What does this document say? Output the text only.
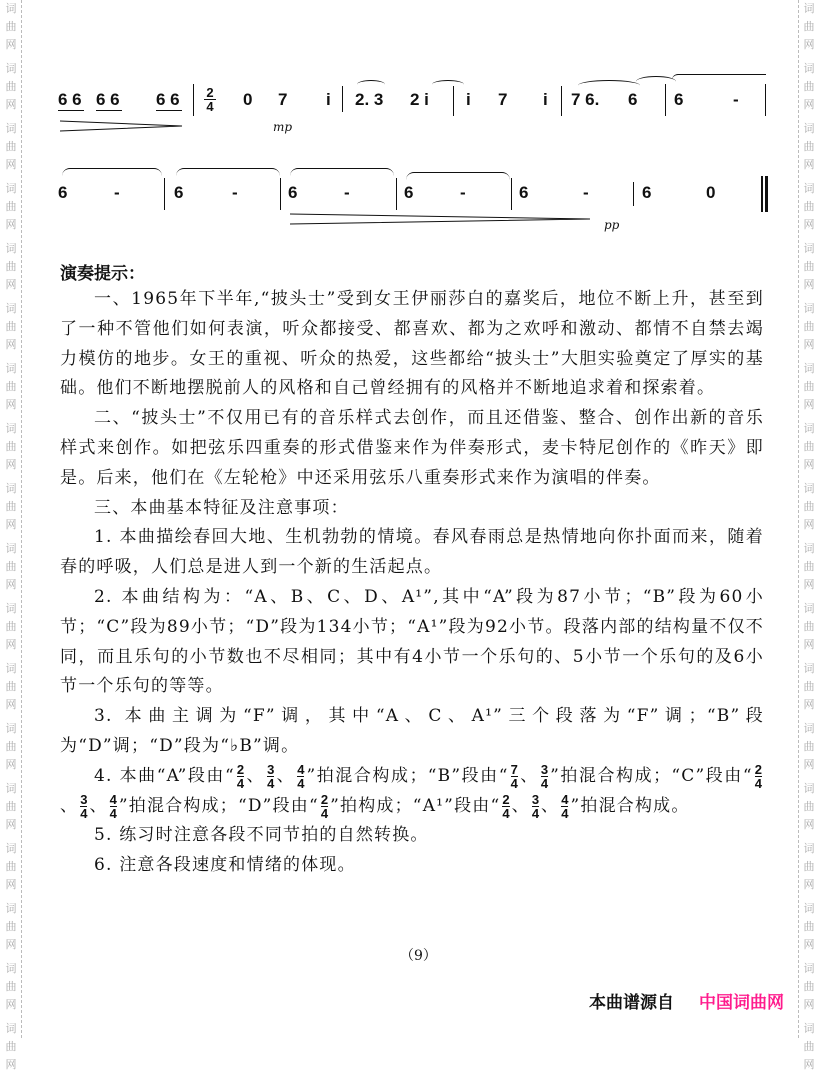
词
曲
网
词
曲
网
词
曲
网
词
曲
网
词
曲
网
词
曲
网
词
曲
网
词
曲
网
词
曲
网
词
曲
网
词
曲
网
词
曲
网
词
曲
网
词
曲
网
词
曲
网
词
曲
网
词
曲
网
词
曲
网
词
曲
网
词
曲
网
词
曲
网
词
曲
网
词
曲
网
词
曲
网
词
曲
网
词
曲
网
词
曲
网
词
曲
网
词
曲
网
词
曲
网
词
曲
网
词
曲
网
词
曲
网
词
曲
网
词
曲
网
词
曲
网
6 6 6 6 6 $6 \frac{2}{4} 0$ 7 i 2. 3 2 i i 7 i 7 6. 6 6	-
mp
6	-	6	-	6	-	6	-	6	-	6	0
pp
演奏提示：

一、1965年下半年,“披头士”受到女王伊丽莎白的嘉奖后，地位不断上升，甚至到了一种不管他们如何表演，听众都接受、都喜欢、都为之欢呼和激动、都情不自禁去竭力模仿的地步。女王的重视、听众的热爱，这些都给“披头士”大胆实验奠定了厚实的基础。他们不断地摆脱前人的风格和自己曾经拥有的风格并不断地追求着和探索着。

二、“披头士”不仅用已有的音乐样式去创作，而且还借鉴、整合、创作出新的音乐样式来创作。如把弦乐四重奏的形式借鉴来作为伴奏形式，麦卡特尼创作的《昨天》即是。后来，他们在《左轮枪》中还采用弦乐八重奏形式来作为演唱的伴奏。

三、本曲基本特征及注意事项：

1. 本曲描绘春回大地、生机勃勃的情境。春风春雨总是热情地向你扑面而来，随着春的呼吸，人们总是进人到一个新的生活起点。

2. 本曲结构为：“A、B、C、D、A¹”,其中“A”段为87小节；“B”段为60小节；“C”段为89小节；“D”段为134小节；“A¹”段为92小节。段落内部的结构量不仅不同，而且乐句的小节数也不尽相同；其中有4小节一个乐句的、5小节一个乐句的及6小节一个乐句的等等。

3. 本曲主调为“F”调，其中“A、C、A¹”三个段落为“F”调；“B”段为“D”调；“D”段为“♭B”调。

4. 本曲“A”段由“ $\frac{2}{4}$ 、 $\frac{3}{4}$ 、 $\frac{4}{4}$ ”拍混合构成；“B”段由“ $\frac{7}{4}$ 、 $\frac{3}{4}$ ”拍混合构成；“C”段由“ $\frac{2}{4}$、 $\frac{3}{4}$ 、 $\frac{4}{4}$ ”拍混合构成；“D”段由“ $\frac{2}{4}$ ”拍构成；“A¹”段由“ $\frac{2}{4}$ 、 $\frac{3}{4}$ 、 $\frac{4}{4}$ ”拍混合构成。

5. 练习时注意各段不同节拍的自然转换。

6. 注意各段速度和情绪的体现。

（9）
本曲谱源自 中国词曲网
